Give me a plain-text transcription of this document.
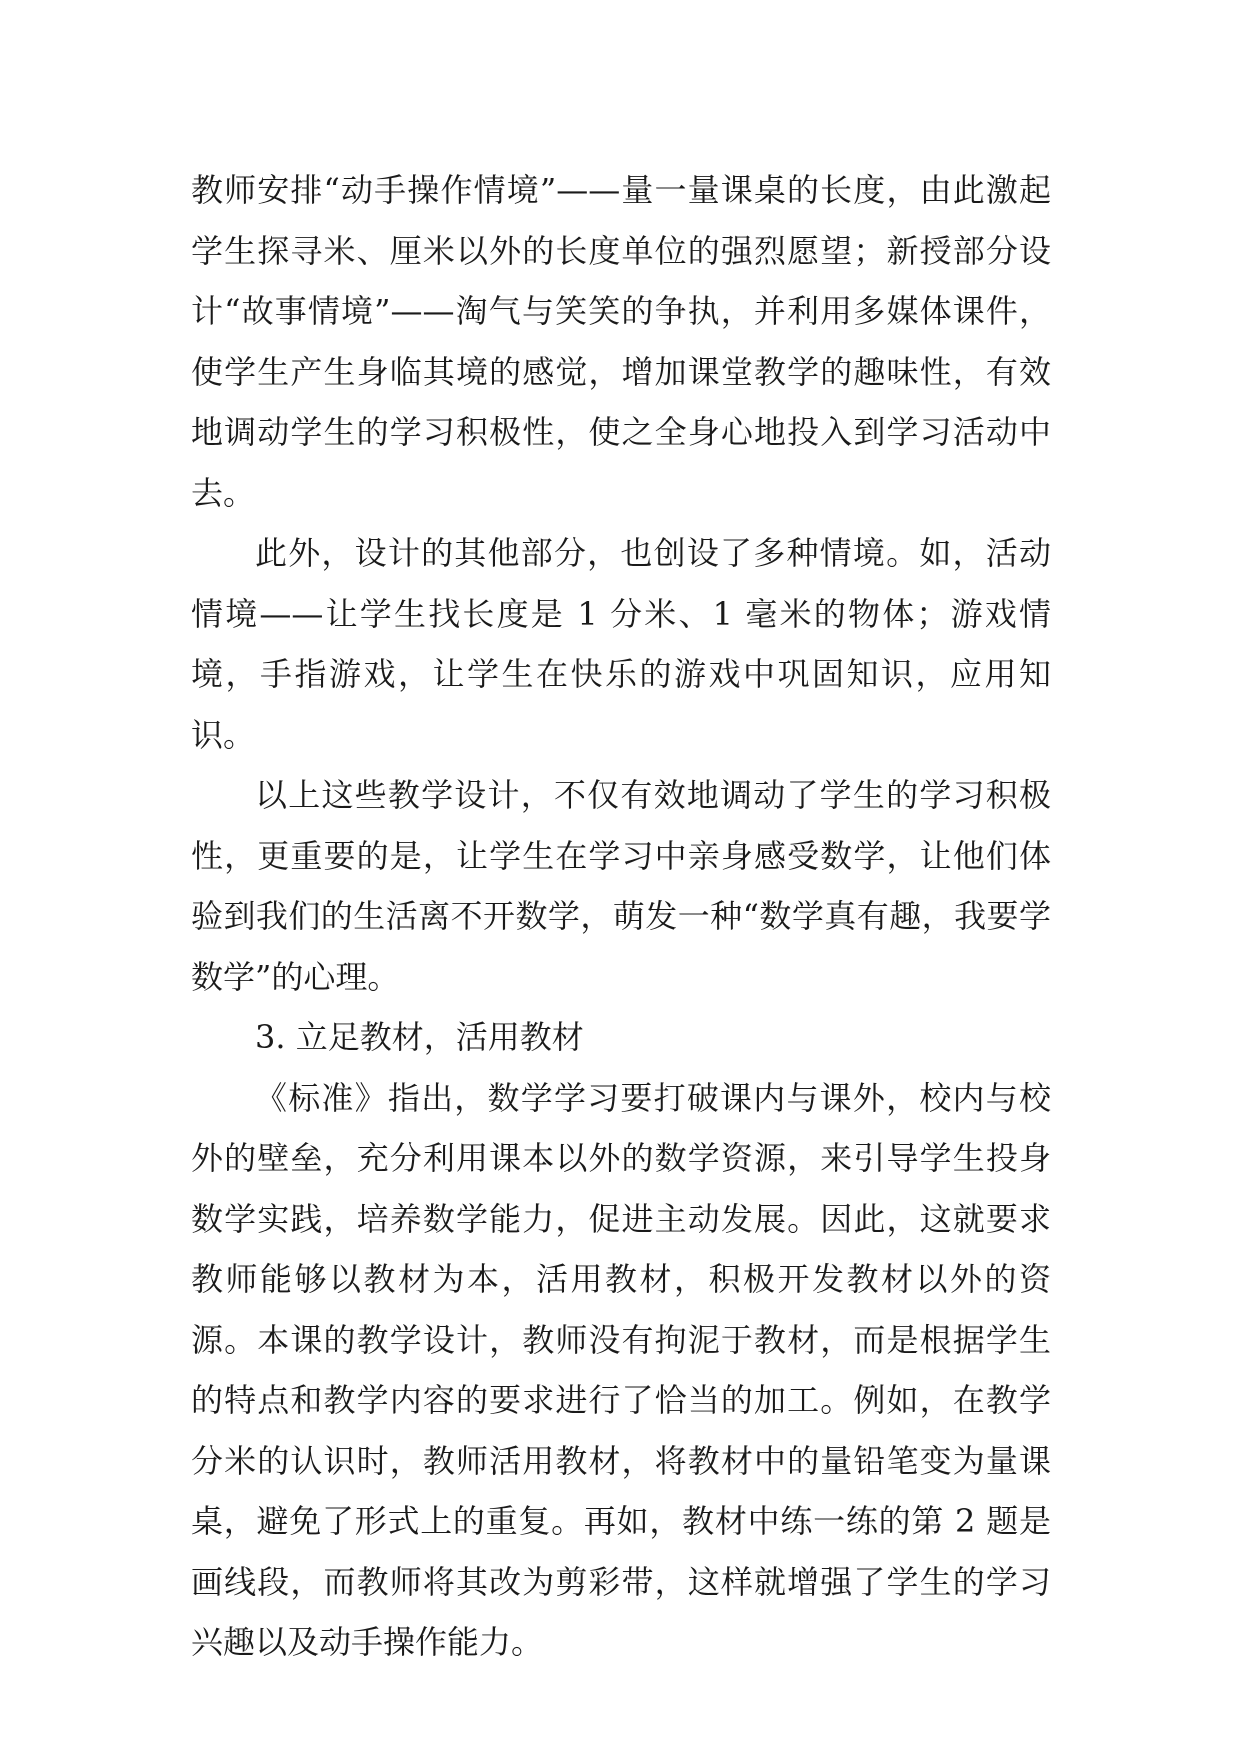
教师安排“动手操作情境”——量一量课桌的长度，由此激起学生探寻米、厘米以外的长度单位的强烈愿望；新授部分设计“故事情境”——淘气与笑笑的争执，并利用多媒体课件，使学生产生身临其境的感觉，增加课堂教学的趣味性，有效地调动学生的学习积极性，使之全身心地投入到学习活动中去。

此外，设计的其他部分，也创设了多种情境。如，活动情境——让学生找长度是 1 分米、1 毫米的物体；游戏情境，手指游戏，让学生在快乐的游戏中巩固知识，应用知识。

以上这些教学设计，不仅有效地调动了学生的学习积极性，更重要的是，让学生在学习中亲身感受数学，让他们体验到我们的生活离不开数学，萌发一种“数学真有趣，我要学数学”的心理。

3. 立足教材，活用教材

《标准》指出，数学学习要打破课内与课外，校内与校外的壁垒，充分利用课本以外的数学资源，来引导学生投身数学实践，培养数学能力，促进主动发展。因此，这就要求教师能够以教材为本，活用教材，积极开发教材以外的资源。本课的教学设计，教师没有拘泥于教材，而是根据学生的特点和教学内容的要求进行了恰当的加工。例如，在教学分米的认识时，教师活用教材，将教材中的量铅笔变为量课桌，避免了形式上的重复。再如，教材中练一练的第 2 题是画线段，而教师将其改为剪彩带，这样就增强了学生的学习兴趣以及动手操作能力。
